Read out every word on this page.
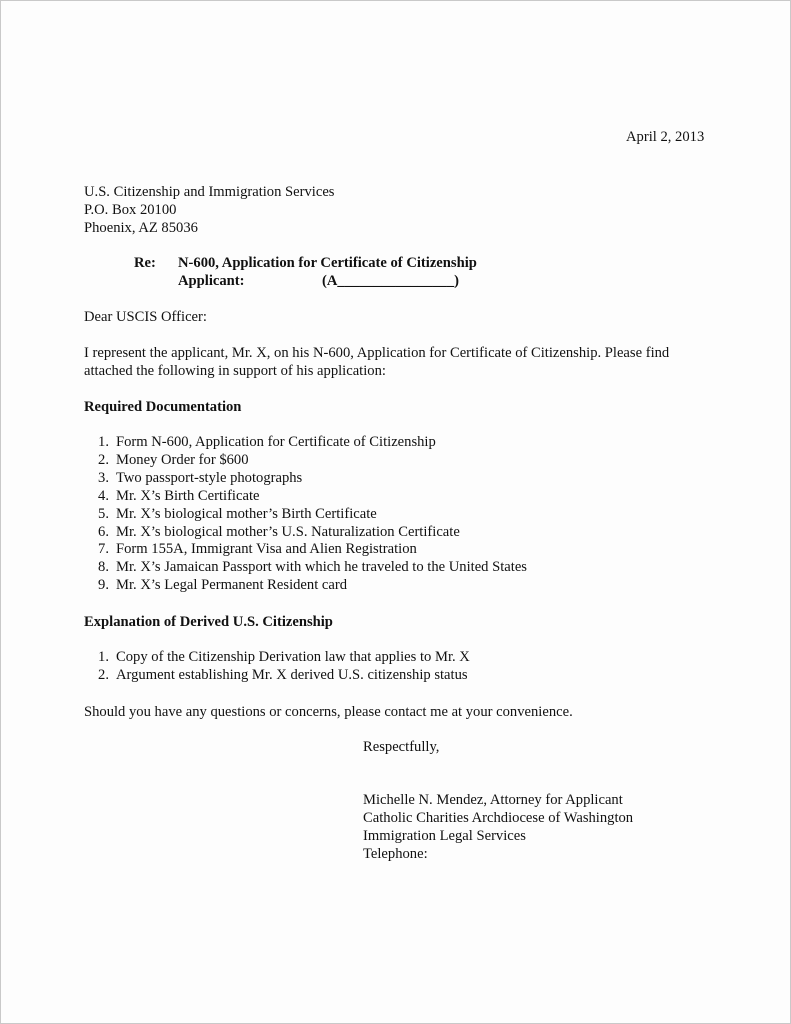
April 2, 2013
U.S. Citizenship and Immigration Services
P.O. Box 20100
Phoenix, AZ 85036
Re:	N-600, Application for Certificate of Citizenship
Applicant:	(A________________)
Dear USCIS Officer:
I represent the applicant, Mr. X, on his N-600, Application for Certificate of Citizenship. Please find attached the following in support of his application:
Required Documentation
1. Form N-600, Application for Certificate of Citizenship
2. Money Order for $600
3. Two passport-style photographs
4. Mr. X’s Birth Certificate
5. Mr. X’s biological mother’s Birth Certificate
6. Mr. X’s biological mother’s U.S. Naturalization Certificate
7. Form 155A, Immigrant Visa and Alien Registration
8. Mr. X’s Jamaican Passport with which he traveled to the United States
9. Mr. X’s Legal Permanent Resident card
Explanation of Derived U.S. Citizenship
1. Copy of the Citizenship Derivation law that applies to Mr. X
2. Argument establishing Mr. X derived U.S. citizenship status
Should you have any questions or concerns, please contact me at your convenience.
Respectfully,
Michelle N. Mendez, Attorney for Applicant
Catholic Charities Archdiocese of Washington
Immigration Legal Services
Telephone:
